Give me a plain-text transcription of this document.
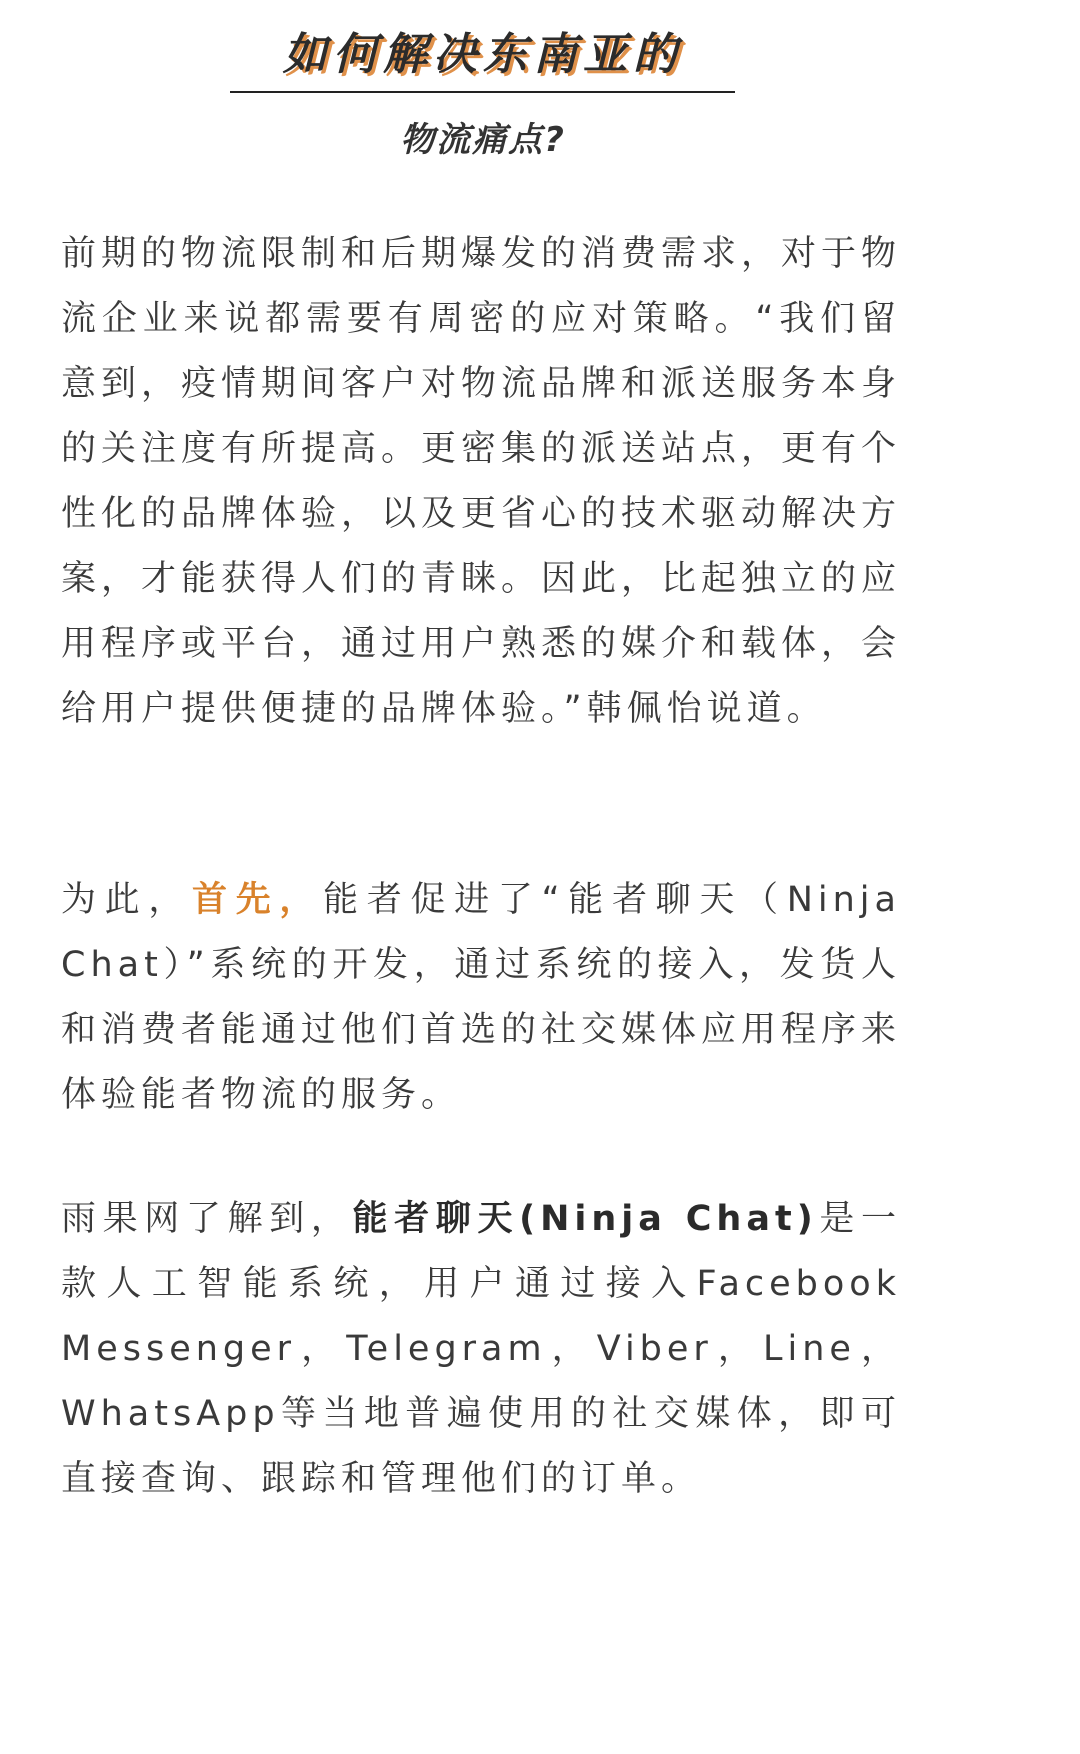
如何解决东南亚的
物流痛点?

前期的物流限制和后期爆发的消费需求，对于物流企业来说都需要有周密的应对策略。“我们留意到，疫情期间客户对物流品牌和派送服务本身的关注度有所提高。更密集的派送站点，更有个性化的品牌体验，以及更省心的技术驱动解决方案，才能获得人们的青睐。因此，比起独立的应用程序或平台，通过用户熟悉的媒介和载体，会给用户提供便捷的品牌体验。”韩佩怡说道。

为此，首先，能者促进了“能者聊天（Ninja Chat）”系统的开发，通过系统的接入，发货人和消费者能通过他们首选的社交媒体应用程序来体验能者物流的服务。

雨果网了解到，能者聊天(Ninja Chat)是一款人工智能系统，用户通过接入Facebook Messenger，Telegram，Viber，Line， WhatsApp等当地普遍使用的社交媒体，即可直接查询、跟踪和管理他们的订单。
